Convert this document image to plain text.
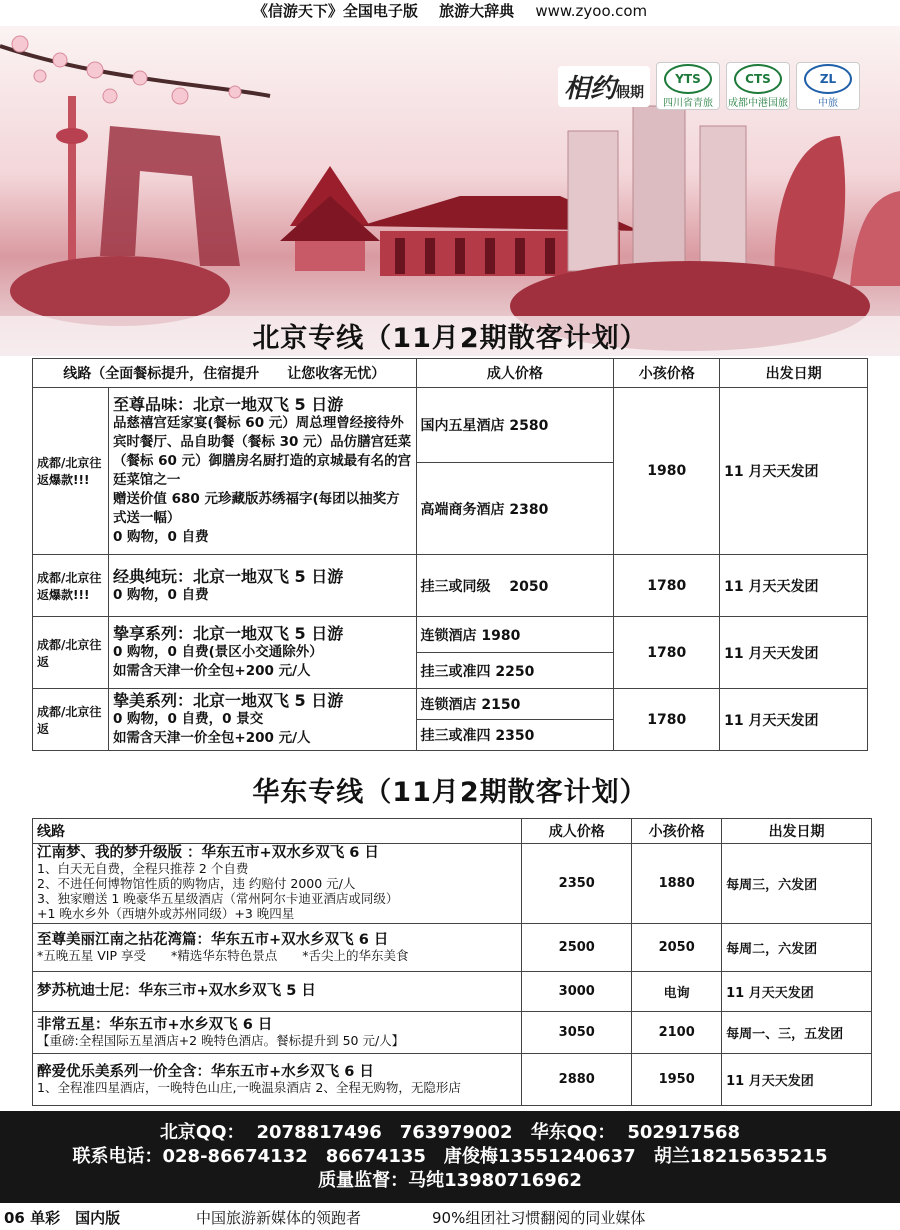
《信游天下》全国电子版 旅游大辞典 www.zyoo.com
相约假期
YTS
四川省青旅
CTS
成都中港国旅
ZL
中旅
北京专线（11月2期散客计划）
线路（全面餐标提升，住宿提升　　让您收客无忧）		成人价格	小孩价格	出发日期
成都/北京往返爆款!!!	至尊品味：北京一地双飞 5 日游
品慈禧宫廷家宴(餐标 60 元）周总理曾经接待外宾时餐厅、品自助餐（餐标 30 元）品仿膳宫廷菜（餐标 60 元）御膳房名厨打造的京城最有名的宫廷菜馆之一
赠送价值 680 元珍藏版苏绣福字(每团以抽奖方式送一幅）
0 购物，0 自费	国内五星酒店 2580	1980	11 月天天发团
		高端商务酒店 2380		
成都/北京往返爆款!!!	经典纯玩：北京一地双飞 5 日游
0 购物，0 自费	挂三或同级　 2050	1780	11 月天天发团
成都/北京往返	挚享系列：北京一地双飞 5 日游
0 购物，0 自费(景区小交通除外）
如需含天津一价全包+200 元/人	连锁酒店 1980	1780	11 月天天发团
		挂三或准四 2250		
成都/北京往返	挚美系列：北京一地双飞 5 日游
0 购物，0 自费，0 景交
如需含天津一价全包+200 元/人	连锁酒店 2150	1780	11 月天天发团
		挂三或准四 2350		
华东专线（11月2期散客计划）
线路	成人价格	小孩价格	出发日期

江南梦、我的梦升级版 ：华东五市+双水乡双飞 6 日
1、白天无自费，全程只推荐 2 个自费
2、不进任何博物馆性质的购物店，违 约赔付 2000 元/人
3、独家赠送 1 晚豪华五星级酒店（常州阿尔卡迪亚酒店或同级）
+1 晚水乡外（西塘外或苏州同级）+3 晚四星	2350	1880	每周三，六发团

至尊美丽江南之拈花湾篇：华东五市+双水乡双飞 6 日
*五晚五星 VIP 享受　　*精选华东特色景点　　*舌尖上的华东美食	2500	2050	每周二，六发团

梦苏杭迪士尼：华东三市+双水乡双飞 5 日	3000	电询	11 月天天发团

非常五星：华东五市+水乡双飞 6 日
【重磅:全程国际五星酒店+2 晚特色酒店。餐标提升到 50 元/人】	3050	2100	每周一、三，五发团

醉爱优乐美系列一价全含：华东五市+水乡双飞 6 日
1、全程准四星酒店，一晚特色山庄,一晚温泉酒店 2、全程无购物，无隐形店	2880	1950	11 月天天发团
北京QQ： 2078817496　763979002 华东QQ： 502917568
联系电话：028-86674132　86674135　唐俊梅13551240637　胡兰18215635215
质量监督：马纯13980716962
06 单彩　国内版	中国旅游新媒体的领跑者	90%组团社习惯翻阅的同业媒体
